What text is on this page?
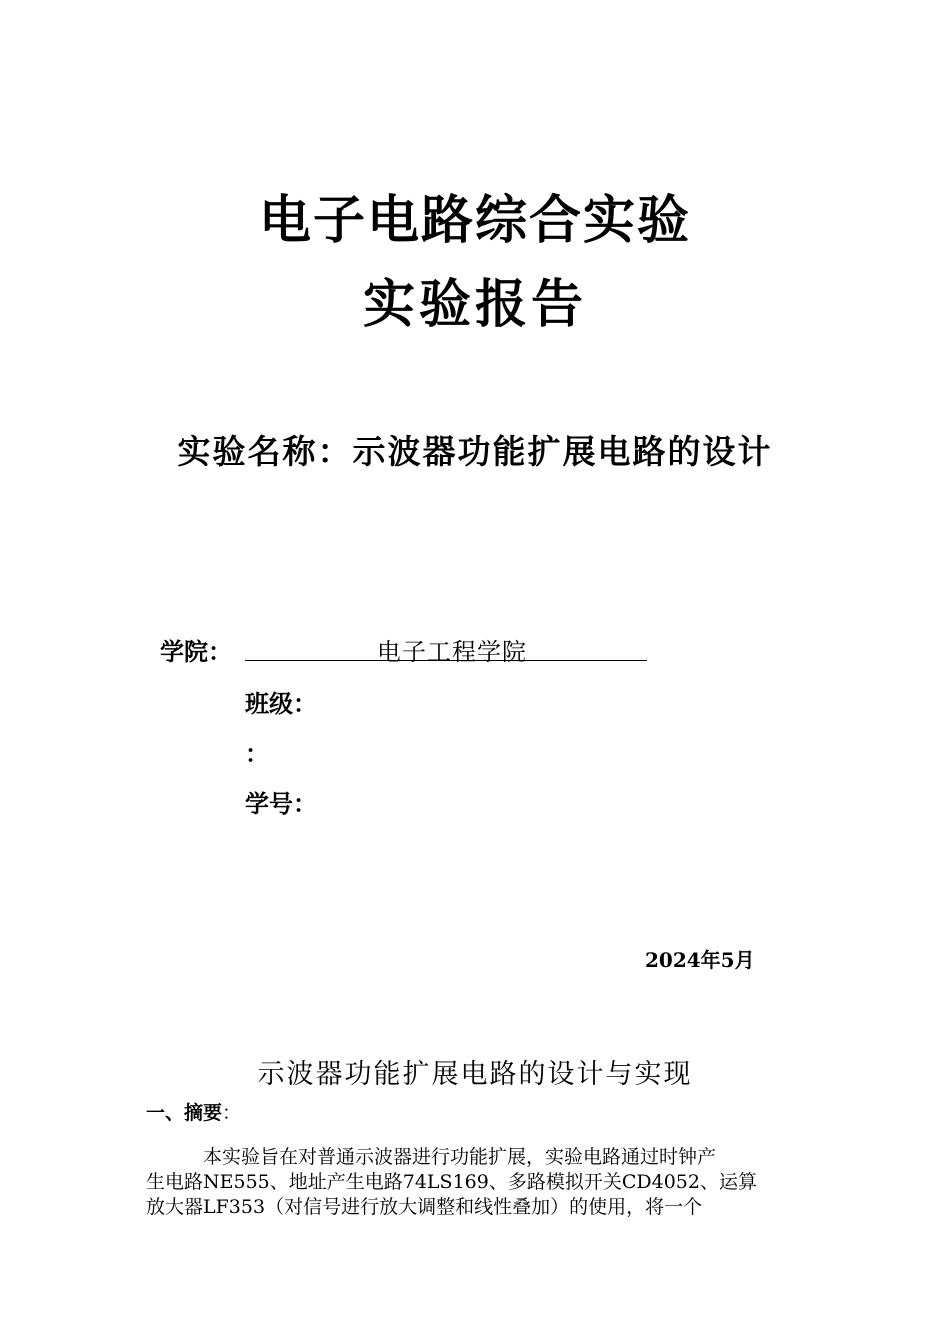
电子电路综合实验
实验报告
实验名称：示波器功能扩展电路的设计
学院：	电子工程学院
班级：
：
学号：
2024年5月
示波器功能扩展电路的设计与实现
一、摘要：
本实验旨在对普通示波器进行功能扩展，实验电路通过时钟产
生电路NE555、地址产生电路74LS169、多路模拟开关CD4052、运算
放大器LF353（对信号进行放大调整和线性叠加）的使用，将一个
